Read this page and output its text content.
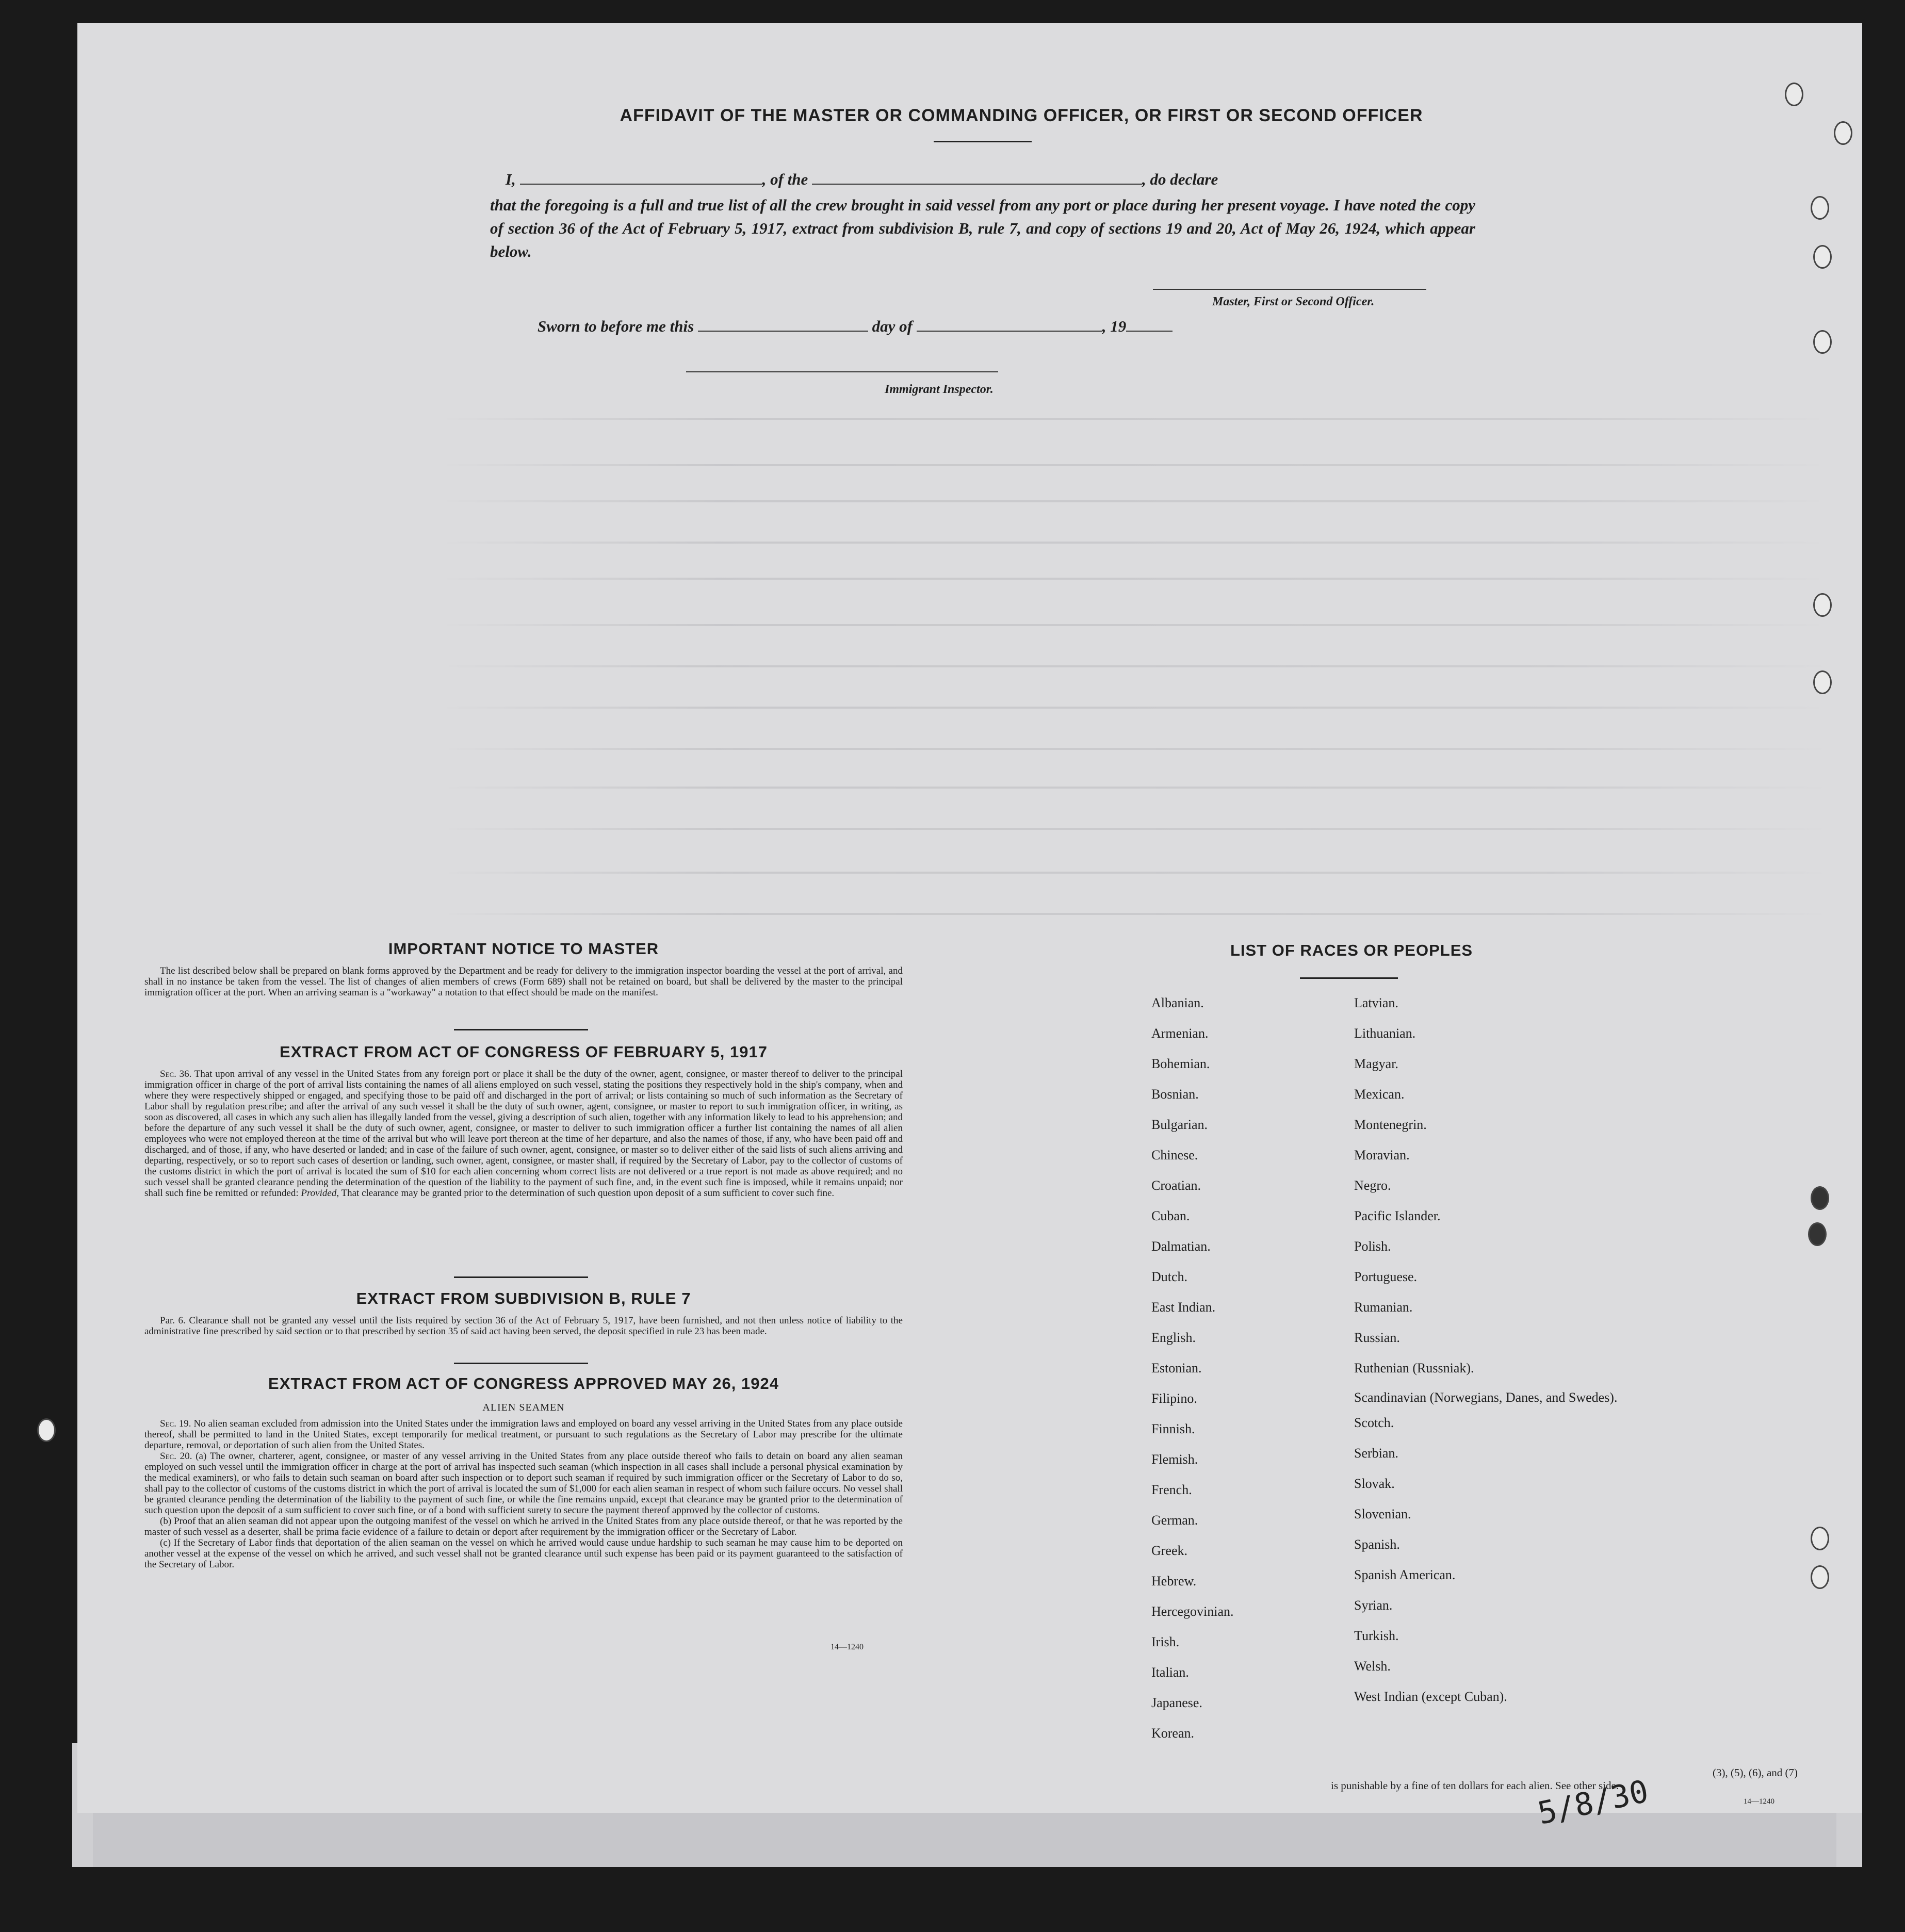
AFFIDAVIT OF THE MASTER OR COMMANDING OFFICER, OR FIRST OR SECOND OFFICER
I,	, of the	, do declare
that the foregoing is a full and true list of all the crew brought in said vessel from any port or place during her present voyage. I have noted the copy of section 36 of the Act of February 5, 1917, extract from subdivision B, rule 7, and copy of sections 19 and 20, Act of May 26, 1924, which appear below.
Master, First or Second Officer.
Sworn to before me this	day of	, 19
Immigrant Inspector.
IMPORTANT NOTICE TO MASTER

The list described below shall be prepared on blank forms approved by the Department and be ready for delivery to the immigration inspector boarding the vessel at the port of arrival, and shall in no instance be taken from the vessel. The list of changes of alien members of crews (Form 689) shall not be retained on board, but shall be delivered by the master to the principal immigration officer at the port. When an arriving seaman is a "workaway" a notation to that effect should be made on the manifest.

EXTRACT FROM ACT OF CONGRESS OF FEBRUARY 5, 1917

Sec. 36. That upon arrival of any vessel in the United States from any foreign port or place it shall be the duty of the owner, agent, consignee, or master thereof to deliver to the principal immigration officer in charge of the port of arrival lists containing the names of all aliens employed on such vessel, stating the positions they respectively hold in the ship's company, when and where they were respectively shipped or engaged, and specifying those to be paid off and discharged in the port of arrival; or lists containing so much of such information as the Secretary of Labor shall by regulation prescribe; and after the arrival of any such vessel it shall be the duty of such owner, agent, consignee, or master to report to such immigration officer, in writing, as soon as discovered, all cases in which any such alien has illegally landed from the vessel, giving a description of such alien, together with any information likely to lead to his apprehension; and before the departure of any such vessel it shall be the duty of such owner, agent, consignee, or master to deliver to such immigration officer a further list containing the names of all alien employees who were not employed thereon at the time of the arrival but who will leave port thereon at the time of her departure, and also the names of those, if any, who have been paid off and discharged, and of those, if any, who have deserted or landed; and in case of the failure of such owner, agent, consignee, or master so to deliver either of the said lists of such aliens arriving and departing, respectively, or so to report such cases of desertion or landing, such owner, agent, consignee, or master shall, if required by the Secretary of Labor, pay to the collector of customs of the customs district in which the port of arrival is located the sum of $10 for each alien concerning whom correct lists are not delivered or a true report is not made as above required; and no such vessel shall be granted clearance pending the determination of the question of the liability to the payment of such fine, and, in the event such fine is imposed, while it remains unpaid; nor shall such fine be remitted or refunded: Provided, That clearance may be granted prior to the determination of such question upon deposit of a sum sufficient to cover such fine.

EXTRACT FROM SUBDIVISION B, RULE 7

Par. 6. Clearance shall not be granted any vessel until the lists required by section 36 of the Act of February 5, 1917, have been furnished, and not then unless notice of liability to the administrative fine prescribed by said section or to that prescribed by section 35 of said act having been served, the deposit specified in rule 23 has been made.

EXTRACT FROM ACT OF CONGRESS APPROVED MAY 26, 1924
ALIEN SEAMEN

Sec. 19. No alien seaman excluded from admission into the United States under the immigration laws and employed on board any vessel arriving in the United States from any place outside thereof, shall be permitted to land in the United States, except temporarily for medical treatment, or pursuant to such regulations as the Secretary of Labor may prescribe for the ultimate departure, removal, or deportation of such alien from the United States.

Sec. 20. (a) The owner, charterer, agent, consignee, or master of any vessel arriving in the United States from any place outside thereof who fails to detain on board any alien seaman employed on such vessel until the immigration officer in charge at the port of arrival has inspected such seaman (which inspection in all cases shall include a personal physical examination by the medical examiners), or who fails to detain such seaman on board after such inspection or to deport such seaman if required by such immigration officer or the Secretary of Labor to do so, shall pay to the collector of customs of the customs district in which the port of arrival is located the sum of $1,000 for each alien seaman in respect of whom such failure occurs. No vessel shall be granted clearance pending the determination of the liability to the payment of such fine, or while the fine remains unpaid, except that clearance may be granted prior to the determination of such question upon the deposit of a sum sufficient to cover such fine, or of a bond with sufficient surety to secure the payment thereof approved by the collector of customs.

(b) Proof that an alien seaman did not appear upon the outgoing manifest of the vessel on which he arrived in the United States from any place outside thereof, or that he was reported by the master of such vessel as a deserter, shall be prima facie evidence of a failure to detain or deport after requirement by the immigration officer or the Secretary of Labor.

(c) If the Secretary of Labor finds that deportation of the alien seaman on the vessel on which he arrived would cause undue hardship to such seaman he may cause him to be deported on another vessel at the expense of the vessel on which he arrived, and such vessel shall not be granted clearance until such expense has been paid or its payment guaranteed to the satisfaction of the Secretary of Labor.

14—1240
LIST OF RACES OR PEOPLES
Albanian.
Armenian.
Bohemian.
Bosnian.
Bulgarian.
Chinese.
Croatian.
Cuban.
Dalmatian.
Dutch.
East Indian.
English.
Estonian.
Filipino.
Finnish.
Flemish.
French.
German.
Greek.
Hebrew.
Hercegovinian.
Irish.
Italian.
Japanese.
Korean.
Latvian.
Lithuanian.
Magyar.
Mexican.
Montenegrin.
Moravian.
Negro.
Pacific Islander.
Polish.
Portuguese.
Rumanian.
Russian.
Ruthenian (Russniak).
Scandinavian (Norwegians, Danes, and Swedes).
Scotch.
Serbian.
Slovak.
Slovenian.
Spanish.
Spanish American.
Syrian.
Turkish.
Welsh.
West Indian (except Cuban).
(3), (5), (6), and (7)
is punishable by a fine of ten dollars for each alien. See other side.
14—1240
5/8/30
